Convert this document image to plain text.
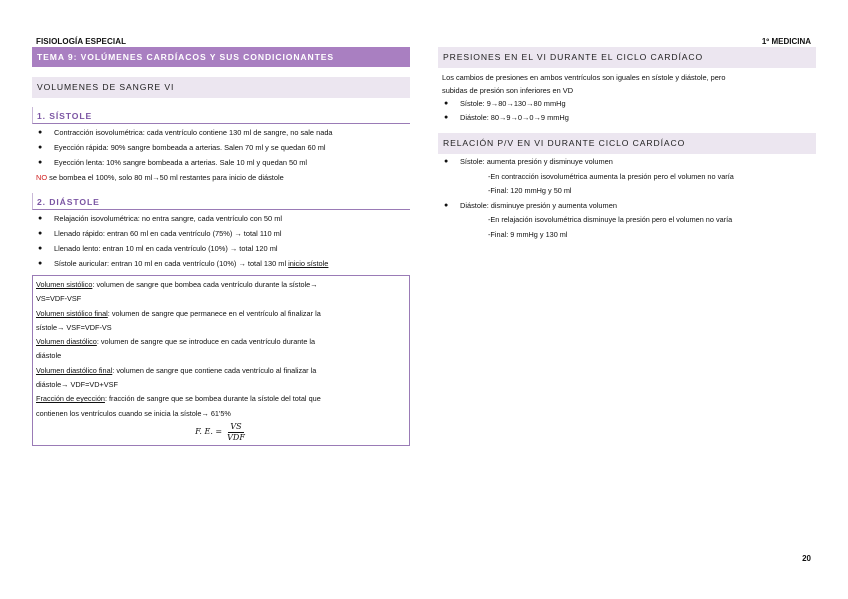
FISIOLOGÍA ESPECIAL	1º MEDICINA
20
TEMA 9: VOLÚMENES CARDÍACOS Y SUS CONDICIONANTES
VOLUMENES DE SANGRE VI
1. SÍSTOLE
● Contracción isovolumétrica: cada ventrículo contiene 130 ml de sangre, no sale nada
● Eyección rápida: 90% sangre bombeada a arterias. Salen 70 ml y se quedan 60 ml
● Eyección lenta: 10% sangre bombeada a arterias. Sale 10 ml y quedan 50 ml
NO se bombea el 100%, solo 80 ml→50 ml restantes para inicio de diástole
2. DIÁSTOLE
● Relajación isovolumétrica: no entra sangre, cada ventrículo con 50 ml
● Llenado rápido: entran 60 ml en cada ventrículo (75%) → total 110 ml
● Llenado lento: entran 10 ml en cada ventrículo (10%) → total 120 ml
● Sístole auricular: entran 10 ml en cada ventrículo (10%) → total 130 ml inicio sístole

Volumen sistólico: volumen de sangre que bombea cada ventrículo durante la sístole→

VS=VDF-VSF

Volumen sistólico final: volumen de sangre que permanece en el ventrículo al finalizar la

sístole→ VSF=VDF-VS

Volumen diastólico: volumen de sangre que se introduce en cada ventrículo durante la

diástole

Volumen diastólico final: volumen de sangre que contiene cada ventrículo al finalizar la

diástole→ VDF=VD+VSF

Fracción de eyección: fracción de sangre que se bombea durante la sístole del total que

contienen los ventrículos cuando se inicia la sístole→ 61'5%

F. E. = $\frac{VS}{\text{VDF}}$
PRESIONES EN EL VI DURANTE EL CICLO CARDÍACO
Los cambios de presiones en ambos ventrículos son iguales en sístole y diástole, pero
subidas de presión son inferiores en VD
● Sístole: 9→80→130→80 mmHg
● Diástole: 80→9→0→0→9 mmHg
RELACIÓN P/V EN VI DURANTE CICLO CARDÍACO
● Sístole: aumenta presión y disminuye volumen
-En contracción isovolumétrica aumenta la presión pero el volumen no varía
-Final: 120 mmHg y 50 ml
● Diástole: disminuye presión y aumenta volumen
-En relajación isovolumétrica disminuye la presión pero el volumen no varía
-Final: 9 mmHg y 130 ml
